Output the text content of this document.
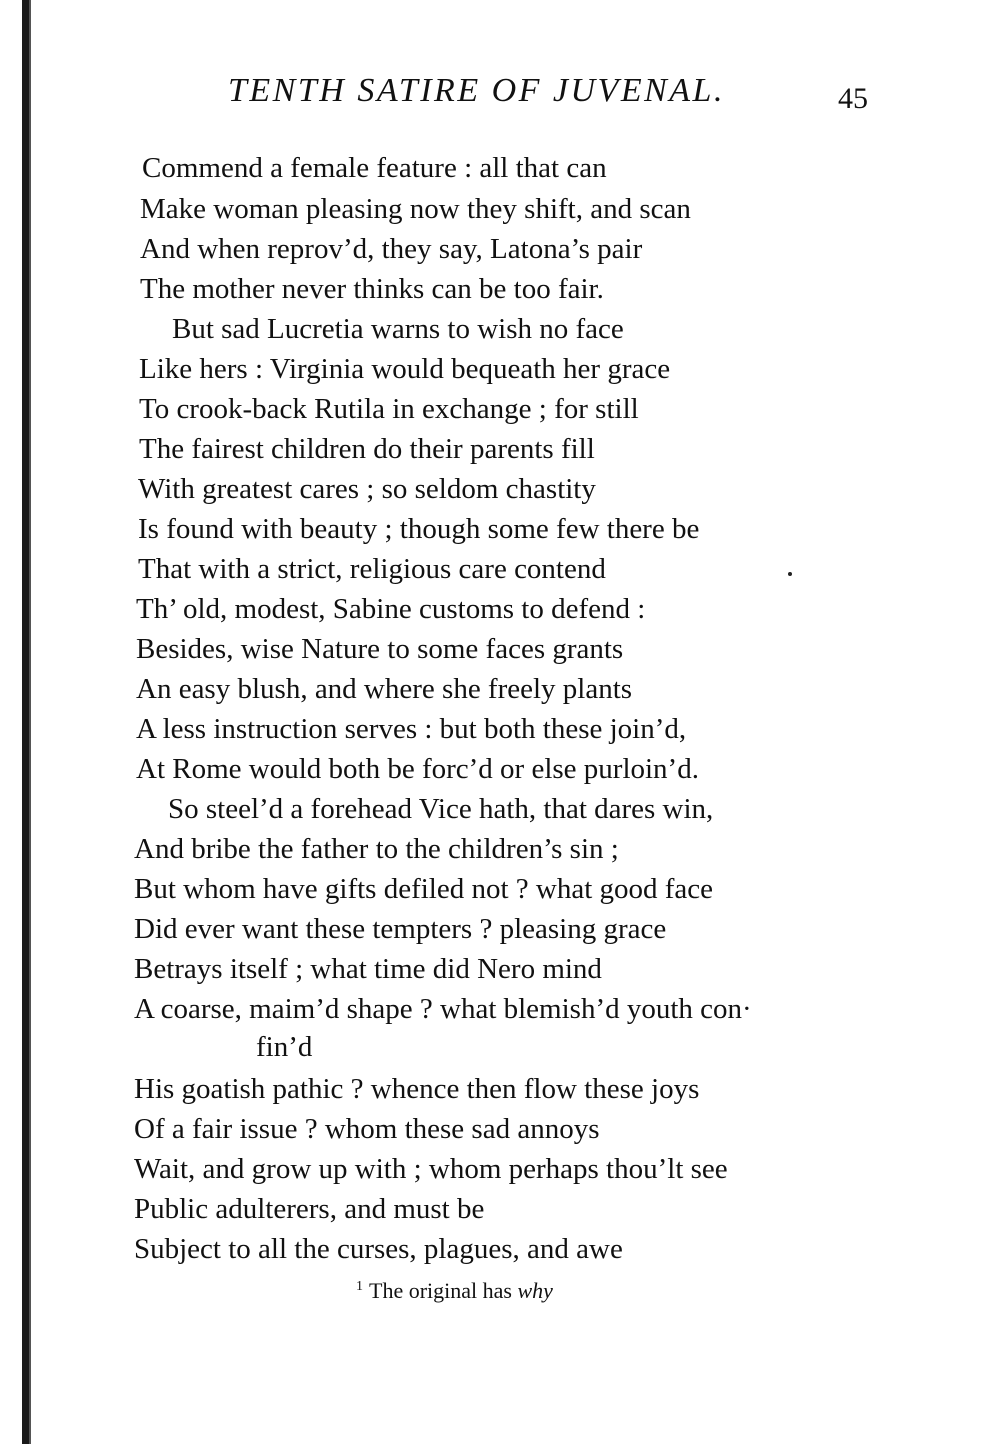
TENTH SATIRE OF JUVENAL.	45
Commend a female feature : all that can
Make woman pleasing now they shift, and scan
And when reprov’d, they say, Latona’s pair
The mother never thinks can be too fair.
But sad Lucretia warns to wish no face
Like hers : Virginia would bequeath her grace
To crook-back Rutila in exchange ; for still
The fairest children do their parents fill
With greatest cares ; so seldom chastity
Is found with beauty ; though some few there be
That with a strict, religious care contend
Th’ old, modest, Sabine customs to defend :
Besides, wise Nature to some faces grants
An easy blush, and where she freely plants
A less instruction serves : but both these join’d,
At Rome would both be forc’d or else purloin’d.
So steel’d a forehead Vice hath, that dares win,
And bribe the father to the children’s sin ;
But whom have gifts defiled not ? what good face
Did ever want these tempters ? pleasing grace
Betrays itself ; what time did Nero mind
A coarse, maim’d shape ? what blemish’d youth con·
fin’d
His goatish pathic ? whence then flow these joys
Of a fair issue ? whom these sad annoys
Wait, and grow up with ; whom perhaps thou’lt see
Public adulterers, and must be
Subject to all the curses, plagues, and awe
$^1$ The original has why
